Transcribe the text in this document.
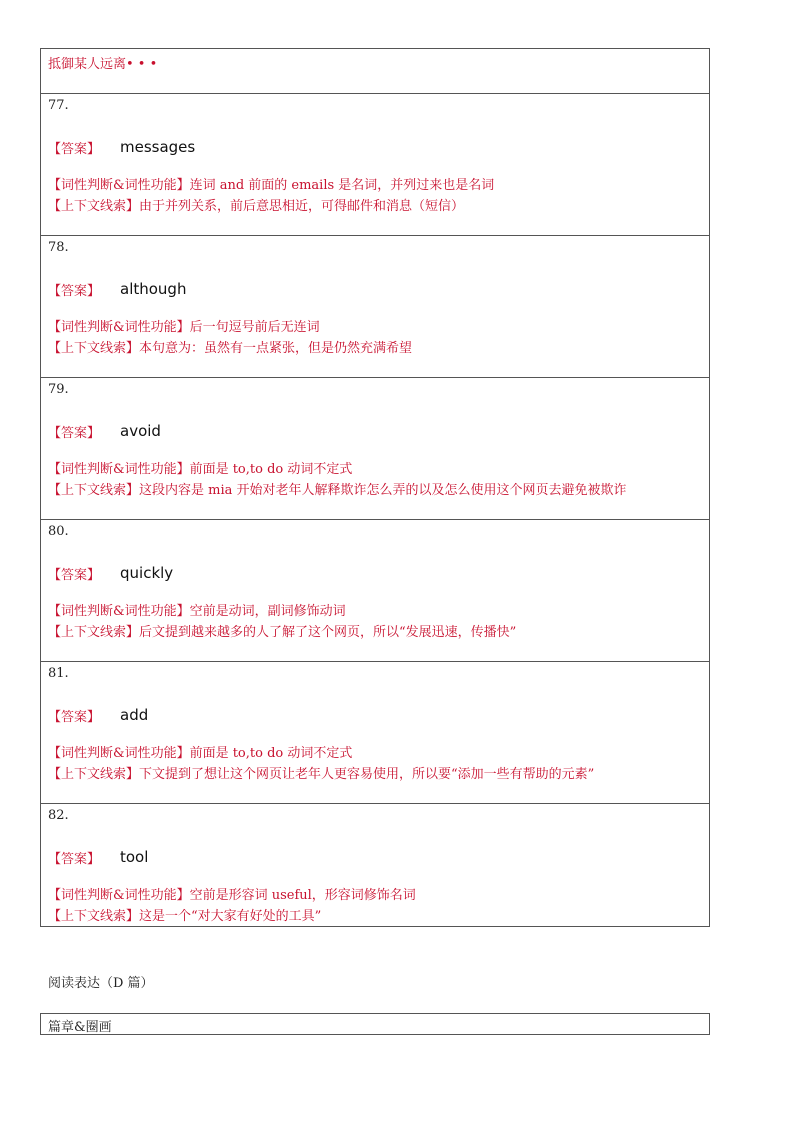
抵御某人远离• • •
77.
【答案】	messages
【词性判断&词性功能】连词 and 前面的 emails 是名词，并列过来也是名词
【上下文线索】由于并列关系，前后意思相近，可得邮件和消息（短信）
78.
【答案】	although
【词性判断&词性功能】后一句逗号前后无连词
【上下文线索】本句意为：虽然有一点紧张，但是仍然充满希望
79.
【答案】	avoid
【词性判断&词性功能】前面是 to,to do 动词不定式
【上下文线索】这段内容是 mia 开始对老年人解释欺诈怎么弄的以及怎么使用这个网页去避免被欺诈
80.
【答案】	quickly
【词性判断&词性功能】空前是动词，副词修饰动词
【上下文线索】后文提到越来越多的人了解了这个网页，所以“发展迅速，传播快”
81.
【答案】	add
【词性判断&词性功能】前面是 to,to do 动词不定式
【上下文线索】下文提到了想让这个网页让老年人更容易使用，所以要“添加一些有帮助的元素”
82.
【答案】	tool
【词性判断&词性功能】空前是形容词 useful，形容词修饰名词
【上下文线索】这是一个“对大家有好处的工具”
阅读表达（D 篇）
篇章&圈画
